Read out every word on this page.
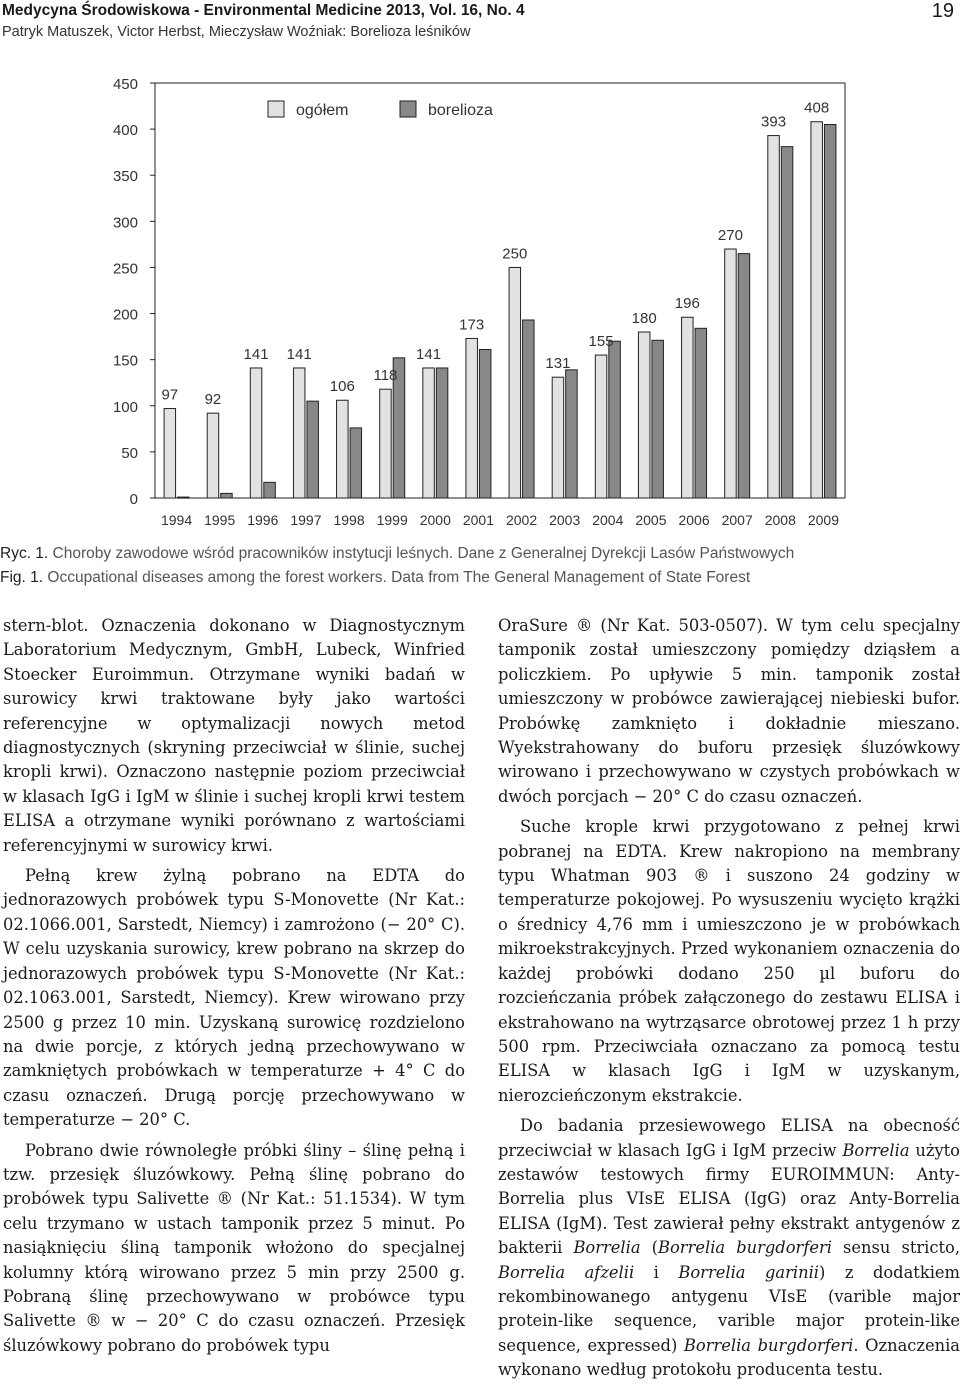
Medycyna Środowiskowa - Environmental Medicine 2013, Vol. 16, No. 4
Patryk Matuszek, Victor Herbst, Mieczysław Woźniak: Borelioza leśników
19
0
50
100
150
200
250
300
350
400
450
1994
97
1995
92
1996
141
1997
141
1998
106
1999
118
2000
141
2001
173
2002
250
2003
131
2004
155
2005
180
2006
196
2007
270
2008
393
2009
408
ogółem	borelioza
Ryc. 1. Choroby zawodowe wśród pracowników instytucji leśnych. Dane z Generalnej Dyrekcji Lasów Państwowych
Fig. 1. Occupational diseases among the forest workers. Data from The General Management of State Forest

stern-blot. Oznaczenia dokonano w Diagnostycznym Laboratorium Medycznym, GmbH, Lubeck, Winfried Stoecker Euroimmun. Otrzymane wyniki badań w surowicy krwi traktowane były jako wartości referencyjne w optymalizacji nowych metod diagnostycznych (skryning przeciwciał w ślinie, suchej kropli krwi). Oznaczono następnie poziom przeciwciał w klasach IgG i IgM w ślinie i suchej kropli krwi testem ELISA a otrzymane wyniki porównano z wartościami referencyjnymi w surowicy krwi.

Pełną krew żylną pobrano na EDTA do jednorazowych probówek typu S-Monovette (Nr Kat.: 02.1066.001, Sarstedt, Niemcy) i zamrożono (− 20° C). W celu uzyskania surowicy, krew pobrano na skrzep do jednorazowych probówek typu S-Monovette (Nr Kat.: 02.1063.001, Sarstedt, Niemcy). Krew wirowano przy 2500 g przez 10 min. Uzyskaną surowicę rozdzielono na dwie porcje, z których jedną przechowywano w zamkniętych probówkach w temperaturze + 4° C do czasu oznaczeń. Drugą porcję przechowywano w temperaturze − 20° C.

Pobrano dwie równoległe próbki śliny – ślinę pełną i tzw. przesięk śluzówkowy. Pełną ślinę pobrano do probówek typu Salivette ® (Nr Kat.: 51.1534). W tym celu trzymano w ustach tamponik przez 5 minut. Po nasiąknięciu śliną tamponik włożono do specjalnej kolumny którą wirowano przez 5 min przy 2500 g. Pobraną ślinę przechowywano w probówce typu Salivette ® w − 20° C do czasu oznaczeń. Przesięk śluzówkowy pobrano do probówek typu

OraSure ® (Nr Kat. 503-0507). W tym celu specjalny tamponik został umieszczony pomiędzy dziąsłem a policzkiem. Po upływie 5 min. tamponik został umieszczony w probówce zawierającej niebieski bufor. Probówkę zamknięto i dokładnie mieszano. Wyekstrahowany do buforu przesięk śluzówkowy wirowano i przechowywano w czystych probówkach w dwóch porcjach − 20° C do czasu oznaczeń.

Suche krople krwi przygotowano z pełnej krwi pobranej na EDTA. Krew nakropiono na membrany typu Whatman 903 ® i suszono 24 godziny w temperaturze pokojowej. Po wysuszeniu wycięto krążki o średnicy 4,76 mm i umieszczono je w probówkach mikroekstrakcyjnych. Przed wykonaniem oznaczenia do każdej probówki dodano 250 µl buforu do rozcieńczania próbek załączonego do zestawu ELISA i ekstrahowano na wytrząsarce obrotowej przez 1 h przy 500 rpm. Przeciwciała oznaczano za pomocą testu ELISA w klasach IgG i IgM w uzyskanym, nierozcieńczonym ekstrakcie.

Do badania przesiewowego ELISA na obecność przeciwciał w klasach IgG i IgM przeciw Borrelia użyto zestawów testowych firmy EUROIMMUN: Anty-Borrelia plus VIsE ELISA (IgG) oraz Anty-Borrelia ELISA (IgM). Test zawierał pełny ekstrakt antygenów z bakterii Borrelia (Borrelia burgdorferi sensu stricto, Borrelia afzelii i Borrelia garinii) z dodatkiem rekombinowanego antygenu VIsE (varible major protein-like sequence, varible major protein-like sequence, expressed) Borrelia burgdorferi. Oznaczenia wykonano według protokołu producenta testu.
